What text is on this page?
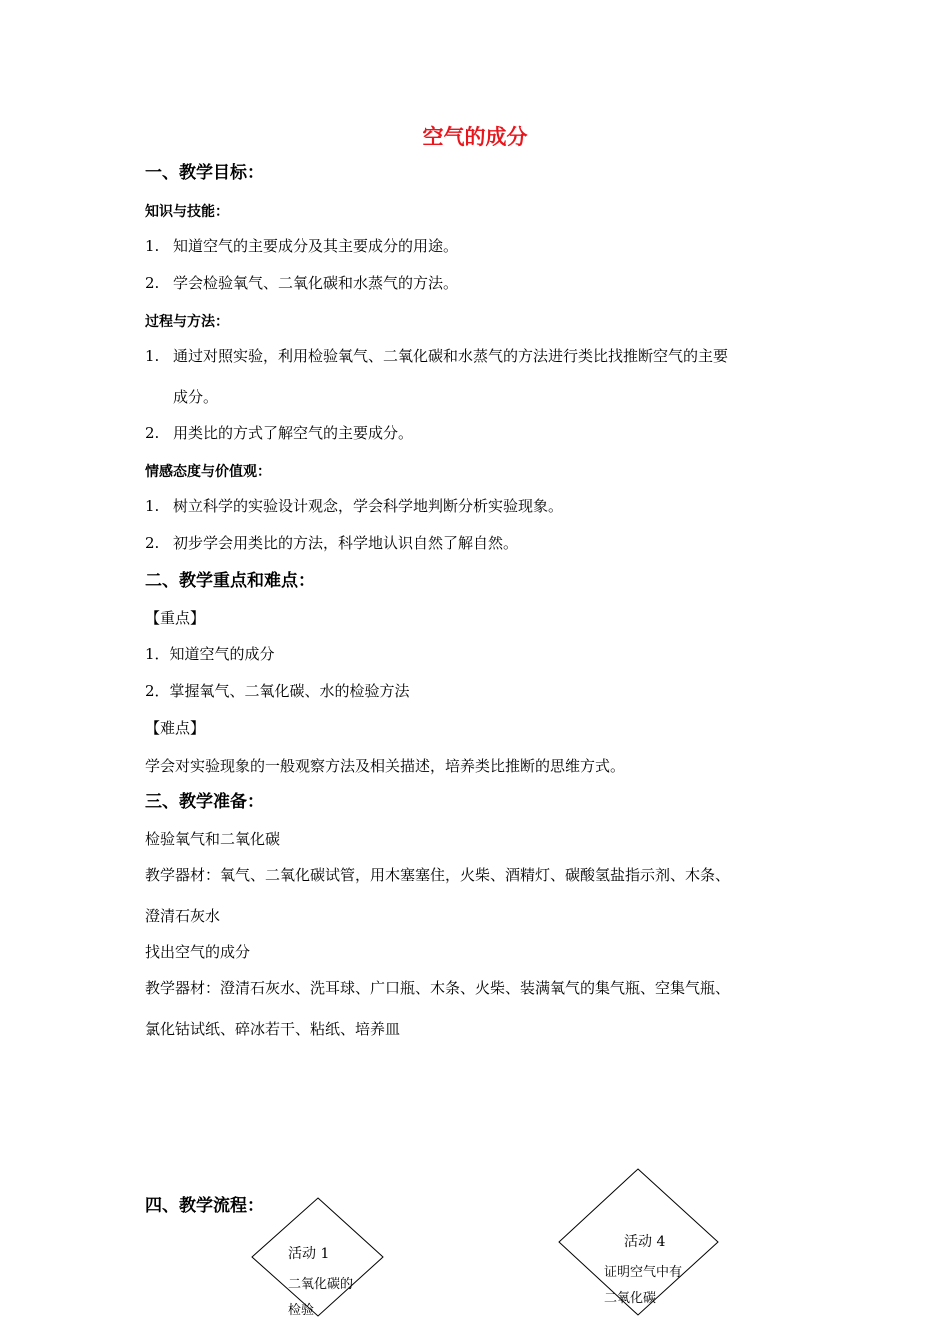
空气的成分
一、教学目标：
知识与技能：
1. 知道空气的主要成分及其主要成分的用途。
2. 学会检验氧气、二氧化碳和水蒸气的方法。
过程与方法：
1. 通过对照实验，利用检验氧气、二氧化碳和水蒸气的方法进行类比找推断空气的主要
成分。
2. 用类比的方式了解空气的主要成分。
情感态度与价值观：
1. 树立科学的实验设计观念，学会科学地判断分析实验现象。
2. 初步学会用类比的方法，科学地认识自然了解自然。
二、教学重点和难点：
【重点】
1．知道空气的成分
2．掌握氧气、二氧化碳、水的检验方法
【难点】
学会对实验现象的一般观察方法及相关描述，培养类比推断的思维方式。
三、教学准备：
检验氧气和二氧化碳
教学器材：氧气、二氧化碳试管，用木塞塞住，火柴、酒精灯、碳酸氢盐指示剂、木条、
澄清石灰水
找出空气的成分
教学器材：澄清石灰水、洗耳球、广口瓶、木条、火柴、装满氧气的集气瓶、空集气瓶、
氯化钴试纸、碎冰若干、粘纸、培养皿
四、教学流程：
活动 1
二氧化碳的
检验
活动 4
证明空气中有
二氧化碳
